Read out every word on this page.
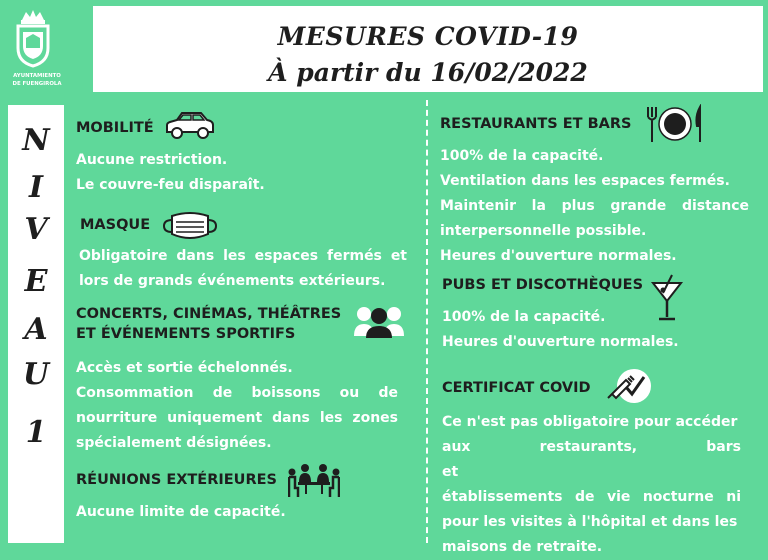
AYUNTAMIENTO
DE FUENGIROLA
MESURES COVID-19
À partir du 16/02/2022
N
I
V
E
A
U
1
MOBILITÉ

Aucune restriction.

Le couvre-feu disparaît.

MASQUE

Obligatoire dans les espaces fermés et

lors de grands événements extérieurs.

CONCERTS, CINÉMAS, THÉÂTRES
ET ÉVÉNEMENTS SPORTIFS

Accès et sortie échelonnés.

Consommation de boissons ou de

nourriture uniquement dans les zones

spécialement désignées.

RÉUNIONS EXTÉRIEURES

Aucune limite de capacité.

RESTAURANTS ET BARS

100% de la capacité.

Ventilation dans les espaces fermés.

Maintenir la plus grande distance

interpersonnelle possible.

Heures d'ouverture normales.

PUBS ET DISCOTHÈQUES

100% de la capacité.

Heures d'ouverture normales.

CERTIFICAT COVID

Ce n'est pas obligatoire pour accéder

aux restaurants, bars et

établissements de vie nocturne ni

pour les visites à l'hôpital et dans les

maisons de retraite.
